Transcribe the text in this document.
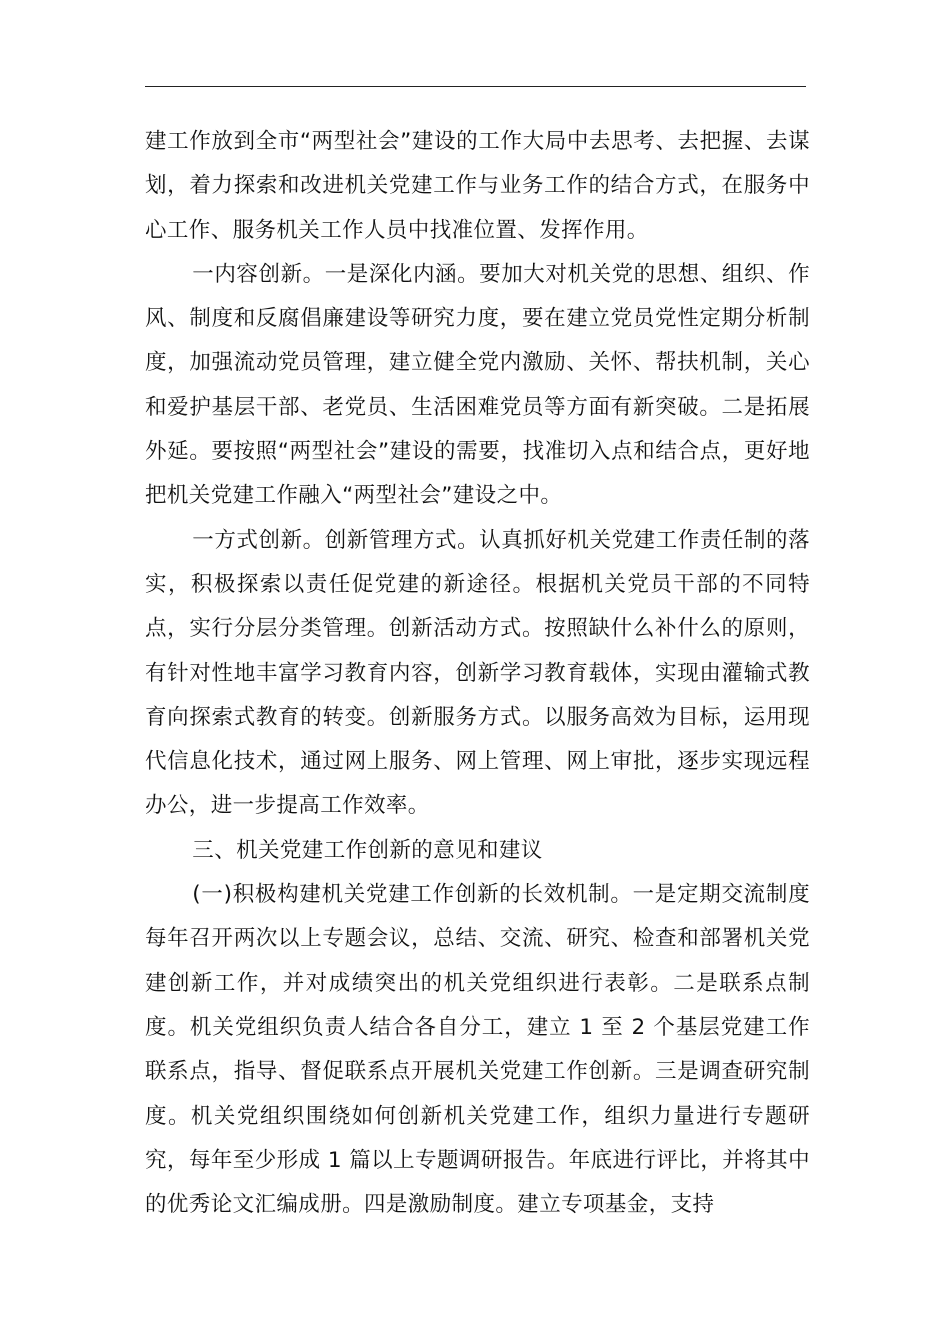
建工作放到全市“两型社会”建设的工作大局中去思考、去把握、去谋划，着力探索和改进机关党建工作与业务工作的结合方式，在服务中心工作、服务机关工作人员中找准位置、发挥作用。

一内容创新。一是深化内涵。要加大对机关党的思想、组织、作风、制度和反腐倡廉建设等研究力度，要在建立党员党性定期分析制度，加强流动党员管理，建立健全党内激励、关怀、帮扶机制，关心和爱护基层干部、老党员、生活困难党员等方面有新突破。二是拓展外延。要按照“两型社会”建设的需要，找准切入点和结合点，更好地把机关党建工作融入“两型社会”建设之中。

一方式创新。创新管理方式。认真抓好机关党建工作责任制的落实，积极探索以责任促党建的新途径。根据机关党员干部的不同特点，实行分层分类管理。创新活动方式。按照缺什么补什么的原则，有针对性地丰富学习教育内容，创新学习教育载体，实现由灌输式教育向探索式教育的转变。创新服务方式。以服务高效为目标，运用现代信息化技术，通过网上服务、网上管理、网上审批，逐步实现远程办公，进一步提高工作效率。

三、机关党建工作创新的意见和建议

(一)积极构建机关党建工作创新的长效机制。一是定期交流制度每年召开两次以上专题会议，总结、交流、研究、检查和部署机关党建创新工作，并对成绩突出的机关党组织进行表彰。二是联系点制度。机关党组织负责人结合各自分工，建立 1 至 2 个基层党建工作联系点，指导、督促联系点开展机关党建工作创新。三是调查研究制度。机关党组织围绕如何创新机关党建工作，组织力量进行专题研究，每年至少形成 1 篇以上专题调研报告。年底进行评比，并将其中的优秀论文汇编成册。四是激励制度。建立专项基金，支持
